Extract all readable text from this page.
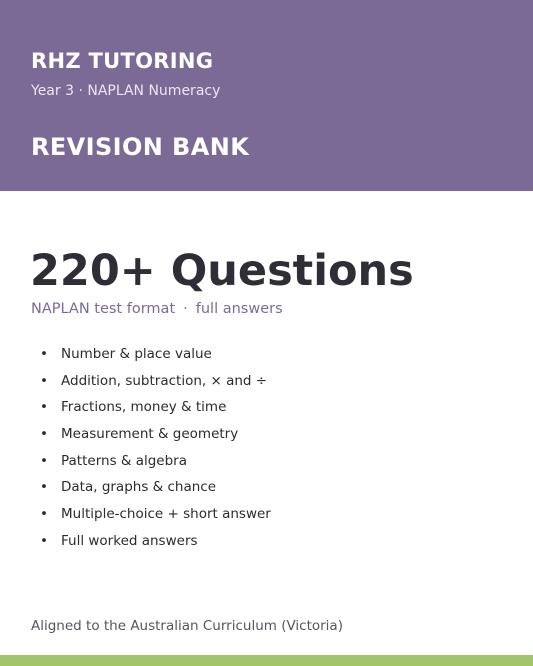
RHZ TUTORING
Year 3 · NAPLAN Numeracy
REVISION BANK
220+ Questions
NAPLAN test format · full answers
• Number & place value
• Addition, subtraction, × and ÷
• Fractions, money & time
• Measurement & geometry
• Patterns & algebra
• Data, graphs & chance
• Multiple-choice + short answer
• Full worked answers
Aligned to the Australian Curriculum (Victoria)
